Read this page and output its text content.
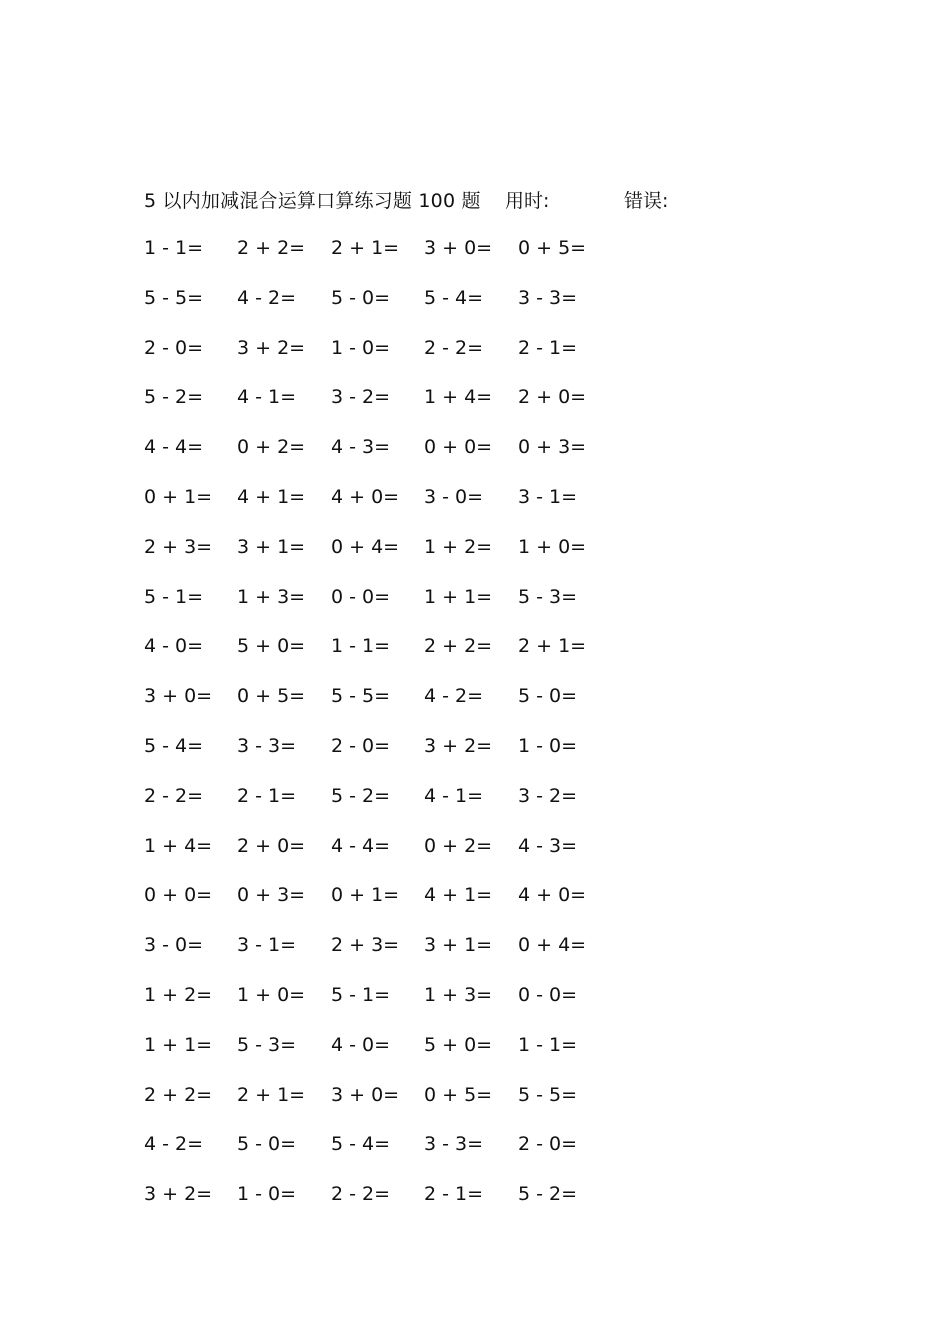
5 以内加减混合运算口算练习题 100 题 用时:	错误:
1 - 1= 2 + 2= 2 + 1= 3 + 0= 0 + 5=
5 - 5= 4 - 2= 5 - 0= 5 - 4= 3 - 3=
2 - 0= 3 + 2= 1 - 0= 2 - 2= 2 - 1=
5 - 2= 4 - 1= 3 - 2= 1 + 4= 2 + 0=
4 - 4= 0 + 2= 4 - 3= 0 + 0= 0 + 3=
0 + 1= 4 + 1= 4 + 0= 3 - 0= 3 - 1=
2 + 3= 3 + 1= 0 + 4= 1 + 2= 1 + 0=
5 - 1= 1 + 3= 0 - 0= 1 + 1= 5 - 3=
4 - 0= 5 + 0= 1 - 1= 2 + 2= 2 + 1=
3 + 0= 0 + 5= 5 - 5= 4 - 2= 5 - 0=
5 - 4= 3 - 3= 2 - 0= 3 + 2= 1 - 0=
2 - 2= 2 - 1= 5 - 2= 4 - 1= 3 - 2=
1 + 4= 2 + 0= 4 - 4= 0 + 2= 4 - 3=
0 + 0= 0 + 3= 0 + 1= 4 + 1= 4 + 0=
3 - 0= 3 - 1= 2 + 3= 3 + 1= 0 + 4=
1 + 2= 1 + 0= 5 - 1= 1 + 3= 0 - 0=
1 + 1= 5 - 3= 4 - 0= 5 + 0= 1 - 1=
2 + 2= 2 + 1= 3 + 0= 0 + 5= 5 - 5=
4 - 2= 5 - 0= 5 - 4= 3 - 3= 2 - 0=
3 + 2= 1 - 0= 2 - 2= 2 - 1= 5 - 2=
